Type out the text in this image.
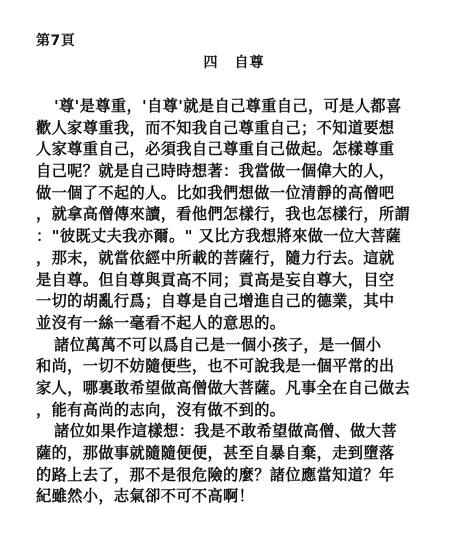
第7頁
四 自尊
'尊'是尊重，'自尊'就是自己尊重自己，可是人都喜
歡人家尊重我，而不知我自己尊重自己；不知道要想
人家尊重自己，必須我自己尊重自己做起。怎樣尊重
自己呢？就是自己時時想著：我當做一個偉大的人，
做一個了不起的人。比如我們想做一位清靜的高僧吧
，就拿高僧傳來讀，看他們怎樣行，我也怎樣行，所謂
："彼既丈夫我亦爾。" 又比方我想將來做一位大菩薩
，那末，就當依經中所載的菩薩行，隨力行去。這就
是自尊。但自尊與貢高不同；貢高是妄自尊大，目空
一切的胡亂行爲；自尊是自己增進自己的德業，其中
並沒有一絲一毫看不起人的意思的。
諸位萬萬不可以爲自己是一個小孩子，是一個小
和尚，一切不妨隨便些，也不可說我是一個平常的出
家人，哪裏敢希望做高僧做大菩薩。凡事全在自己做去
，能有高尚的志向，沒有做不到的。
諸位如果作這樣想：我是不敢希望做高僧、做大菩
薩的，那做事就隨隨便便，甚至自暴自棄，走到墮落
的路上去了，那不是很危險的麼？諸位應當知道？年
紀雖然小，志氣卻不可不高啊！
